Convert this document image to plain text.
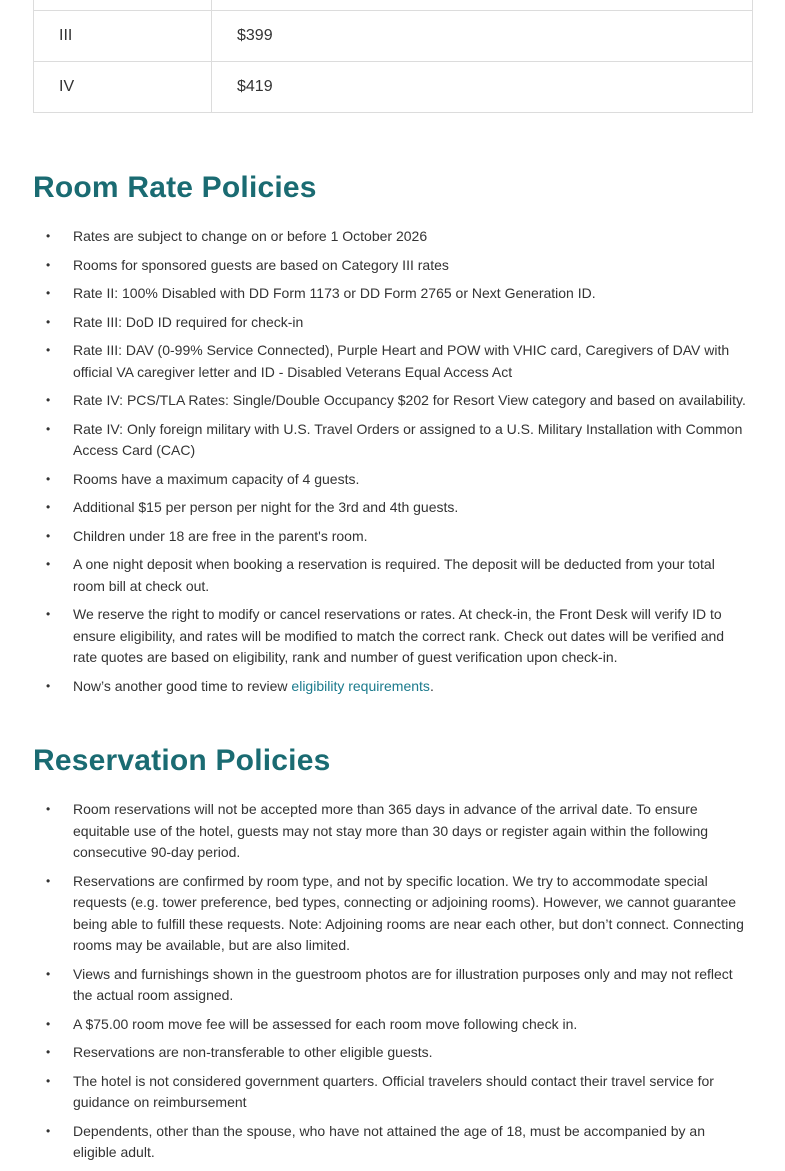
III	$399
IV	$419
Room Rate Policies
• Rates are subject to change on or before 1 October 2026
• Rooms for sponsored guests are based on Category III rates
• Rate II: 100% Disabled with DD Form 1173 or DD Form 2765 or Next Generation ID.
• Rate III: DoD ID required for check-in
• Rate III: DAV (0-99% Service Connected), Purple Heart and POW with VHIC card, Caregivers of DAV with official VA caregiver letter and ID - Disabled Veterans Equal Access Act
• Rate IV: PCS/TLA Rates: Single/Double Occupancy $202 for Resort View category and based on availability.
• Rate IV: Only foreign military with U.S. Travel Orders or assigned to a U.S. Military Installation with Common Access Card (CAC)
• Rooms have a maximum capacity of 4 guests.
• Additional $15 per person per night for the 3rd and 4th guests.
• Children under 18 are free in the parent's room.
• A one night deposit when booking a reservation is required. The deposit will be deducted from your total room bill at check out.
• We reserve the right to modify or cancel reservations or rates. At check-in, the Front Desk will verify ID to ensure eligibility, and rates will be modified to match the correct rank. Check out dates will be verified and rate quotes are based on eligibility, rank and number of guest verification upon check-in.
• Now’s another good time to review eligibility requirements.
Reservation Policies
• Room reservations will not be accepted more than 365 days in advance of the arrival date. To ensure equitable use of the hotel, guests may not stay more than 30 days or register again within the following consecutive 90-day period.
• Reservations are confirmed by room type, and not by specific location. We try to accommodate special requests (e.g. tower preference, bed types, connecting or adjoining rooms). However, we cannot guarantee being able to fulfill these requests. Note: Adjoining rooms are near each other, but don’t connect. Connecting rooms may be available, but are also limited.
• Views and furnishings shown in the guestroom photos are for illustration purposes only and may not reflect the actual room assigned.
• A $75.00 room move fee will be assessed for each room move following check in.
• Reservations are non-transferable to other eligible guests.
• The hotel is not considered government quarters. Official travelers should contact their travel service for guidance on reimbursement
• Dependents, other than the spouse, who have not attained the age of 18, must be accompanied by an eligible adult.
